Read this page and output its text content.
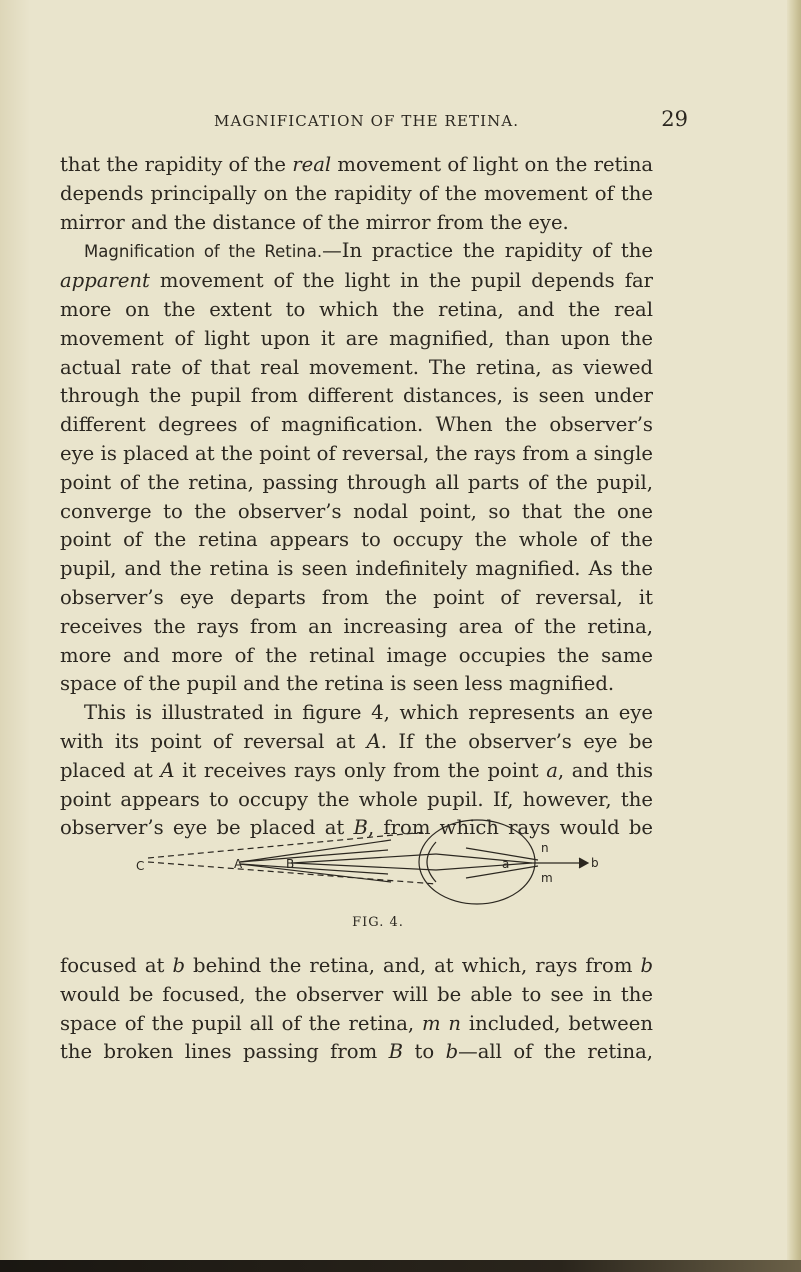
MAGNIFICATION OF THE RETINA.	29

that the rapidity of the real movement of light on the retina depends principally on the rapidity of the movement of the mirror and the distance of the mirror from the eye.

Magnification of the Retina.—In practice the rapidity of the apparent movement of the light in the pupil depends far more on the extent to which the retina, and the real movement of light upon it are magnified, than upon the actual rate of that real movement. The retina, as viewed through the pupil from different distances, is seen under different degrees of magnification. When the observer’s eye is placed at the point of reversal, the rays from a single point of the retina, passing through all parts of the pupil, converge to the observer’s nodal point, so that the one point of the retina appears to occupy the whole of the pupil, and the retina is seen indefinitely magnified. As the observer’s eye departs from the point of reversal, it receives the rays from an increasing area of the retina, more and more of the retinal image occupies the same space of the pupil and the retina is seen less magnified.

This is illustrated in figure 4, which represents an eye with its point of reversal at A. If the observer’s eye be placed at A it receives rays only from the point a, and this point appears to occupy the whole pupil. If, however, the observer’s eye be placed at B, from which rays would be

C	A	B	a
n
m
b
FIG. 4.

focused at b behind the retina, and, at which, rays from b would be focused, the observer will be able to see in the space of the pupil all of the retina, m n included, between the broken lines passing from B to b—all of the retina,
